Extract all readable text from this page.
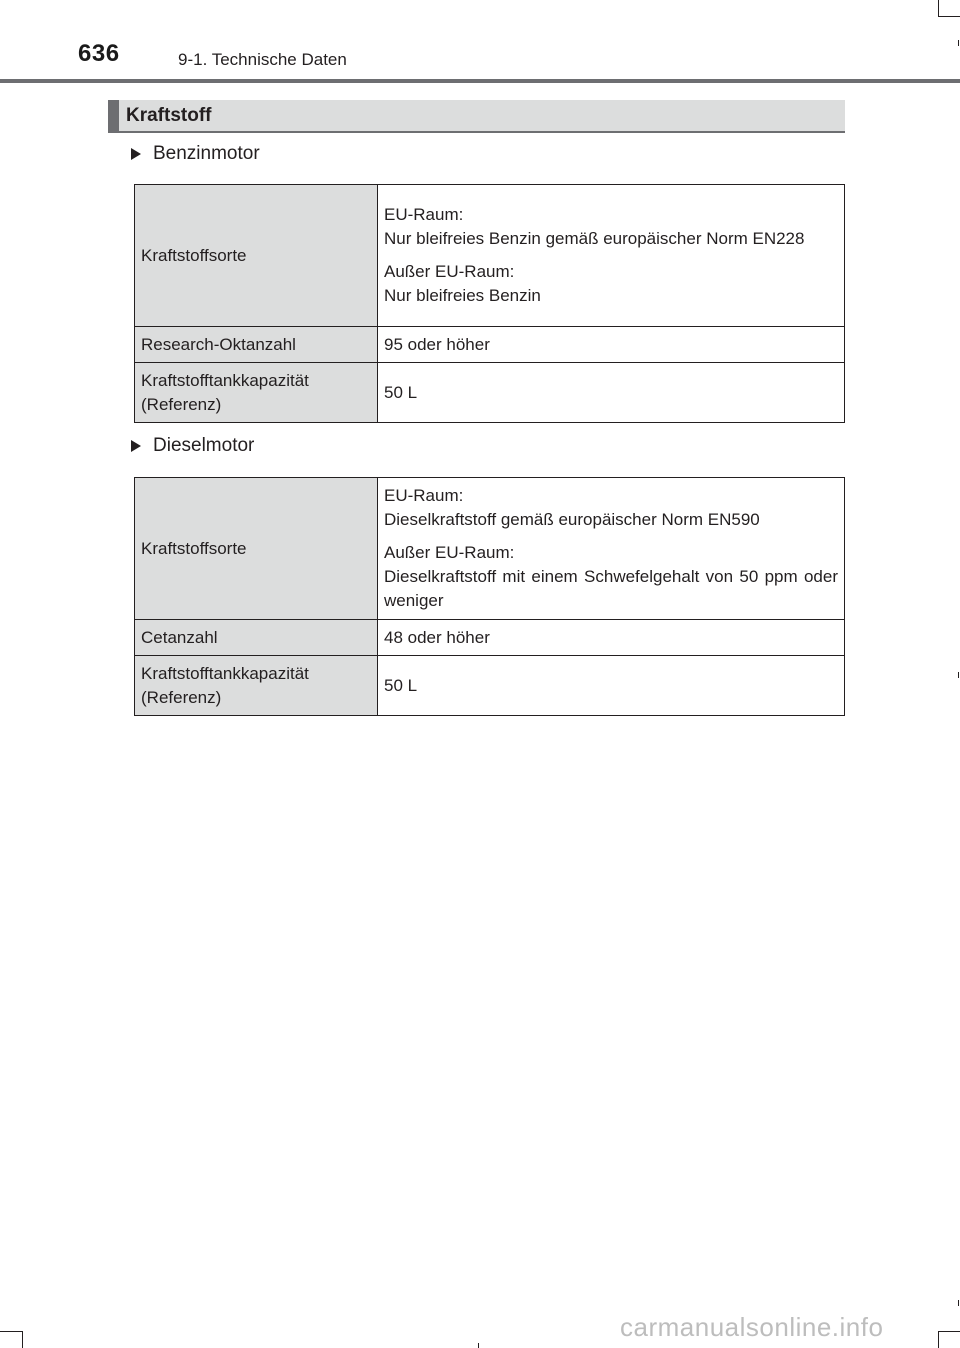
636	9-1. Technische Daten
Kraftstoff
Benzinmotor
Kraftstoffsorte	EU-Raum:
Nur bleifreies Benzin gemäß europäischer Norm EN228
Außer EU-Raum:
Nur bleifreies Benzin

Research-Oktanzahl	95 oder höher
Kraftstofftankkapazität
(Referenz)	50 L
Dieselmotor
Kraftstoffsorte	EU-Raum:
Dieselkraftstoff gemäß europäischer Norm EN590
Außer EU-Raum:
Dieselkraftstoff mit einem Schwefelgehalt von 50 ppm oder weniger

Cetanzahl	48 oder höher
Kraftstofftankkapazität
(Referenz)	50 L
carmanualsonline.info
